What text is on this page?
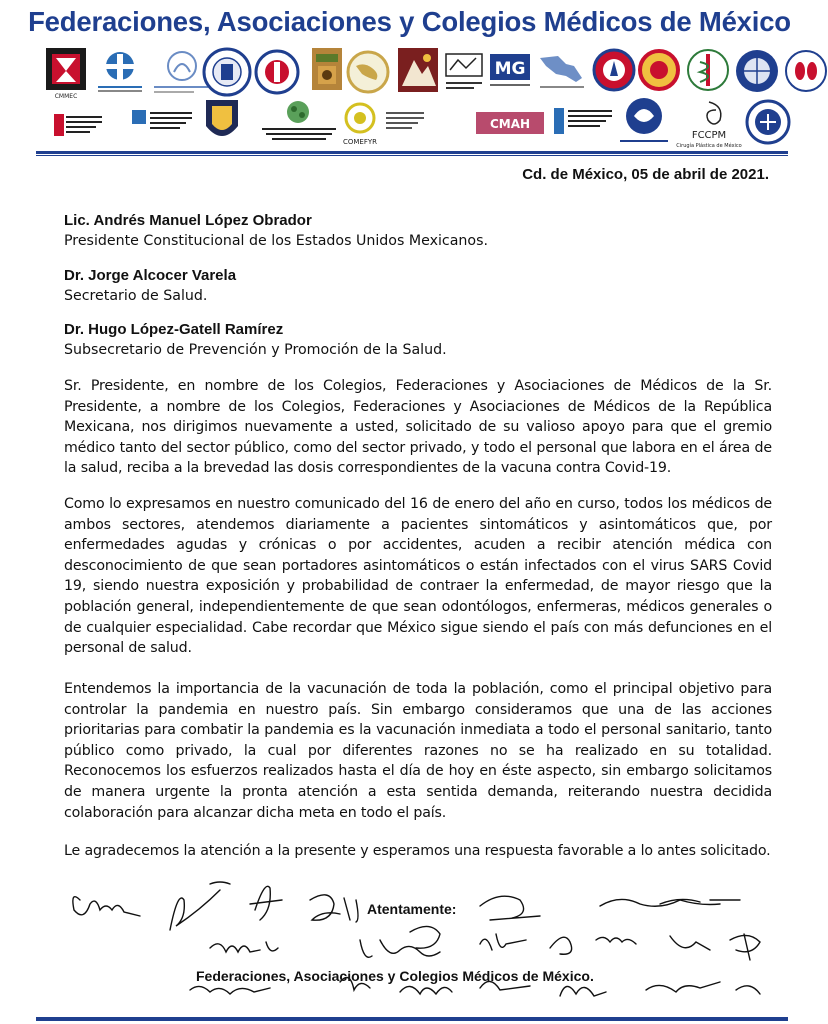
Federaciones, Asociaciones y Colegios Médicos de México
CMMEC
MG
COMEFYR
CMAH
FCCPM
Cirugía Plástica de México
Cd. de México, 05 de abril de 2021.
Lic. Andrés Manuel López Obrador
Presidente Constitucional de los Estados Unidos Mexicanos.
Dr. Jorge Alcocer Varela
Secretario de Salud.
Dr. Hugo López-Gatell Ramírez
Subsecretario de Prevención y Promoción de la Salud.
Sr. Presidente, en nombre de los Colegios, Federaciones y Asociaciones de Médicos de la Sr. Presidente, a nombre de los Colegios, Federaciones y Asociaciones de Médicos de la República Mexicana, nos dirigimos nuevamente a usted, solicitado de su valioso apoyo para que el gremio médico tanto del sector público, como del sector privado, y todo el personal que labora en el área de la salud, reciba a la brevedad las dosis correspondientes de la vacuna contra Covid-19.
Como lo expresamos en nuestro comunicado del 16 de enero del año en curso, todos los médicos de ambos sectores, atendemos diariamente a pacientes sintomáticos y asintomáticos que, por enfermedades agudas y crónicas o por accidentes, acuden a recibir atención médica con desconocimiento de que sean portadores asintomáticos o están infectados con el virus SARS Covid 19, siendo nuestra exposición y probabilidad de contraer la enfermedad, de mayor riesgo que la población general, independientemente de que sean odontólogos, enfermeras, médicos generales o de cualquier especialidad. Cabe recordar que México sigue siendo el país con más defunciones en el personal de salud.
Entendemos la importancia de la vacunación de toda la población, como el principal objetivo para controlar la pandemia en nuestro país. Sin embargo consideramos que una de las acciones prioritarias para combatir la pandemia es la vacunación inmediata a todo el personal sanitario, tanto público como privado, la cual por diferentes razones no se ha realizado en su totalidad. Reconocemos los esfuerzos realizados hasta el día de hoy en éste aspecto, sin embargo solicitamos de manera urgente la pronta atención a esta sentida demanda, reiterando nuestra decidida colaboración para alcanzar dicha meta en todo el país.
Le agradecemos la atención a la presente y esperamos una respuesta favorable a lo antes solicitado.
Atentamente:
Federaciones, Asociaciones y Colegios Médicos de México.
